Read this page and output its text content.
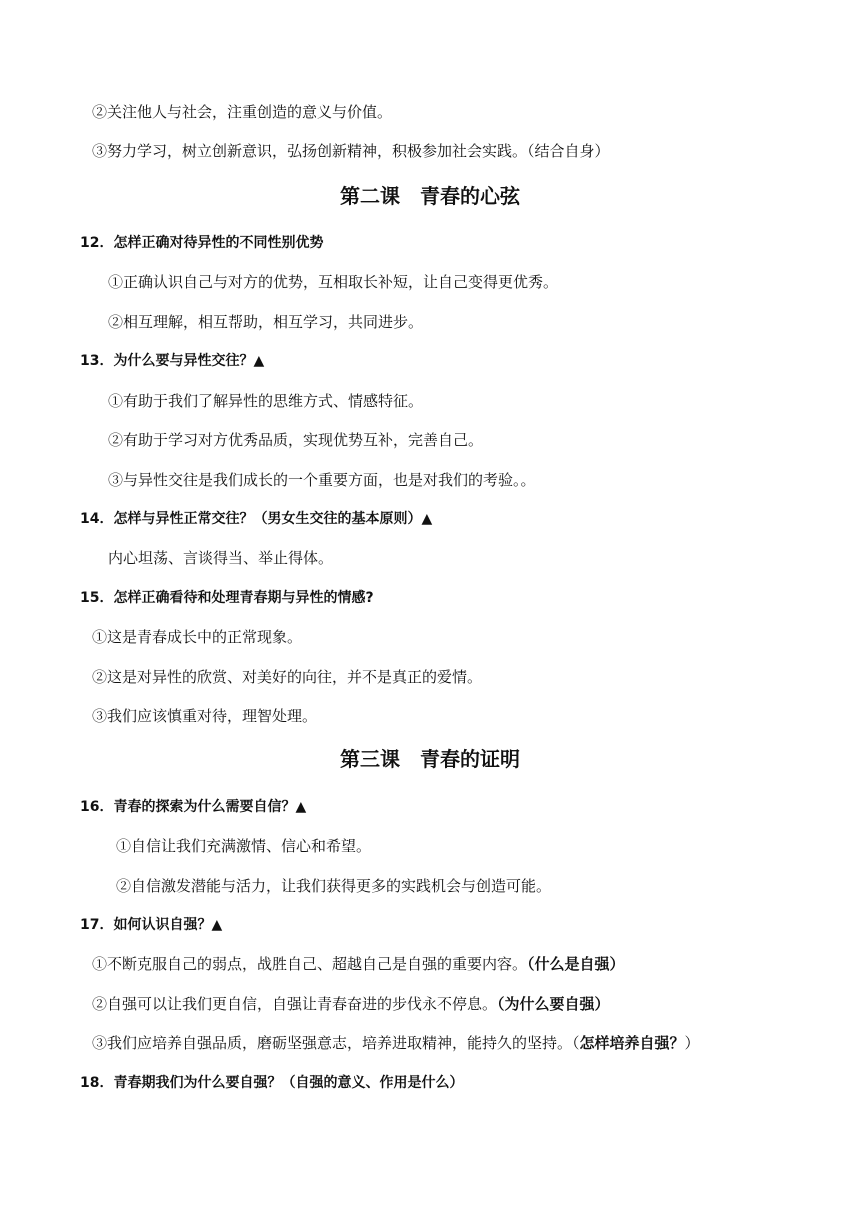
②关注他人与社会，注重创造的意义与价值。
③努力学习，树立创新意识，弘扬创新精神，积极参加社会实践。（结合自身）
第二课　青春的心弦
12．怎样正确对待异性的不同性别优势
①正确认识自己与对方的优势，互相取长补短，让自己变得更优秀。
②相互理解，相互帮助，相互学习，共同进步。
13．为什么要与异性交往？▲
①有助于我们了解异性的思维方式、情感特征。
②有助于学习对方优秀品质，实现优势互补，完善自己。
③与异性交往是我们成长的一个重要方面，也是对我们的考验。。
14．怎样与异性正常交往？（男女生交往的基本原则）▲
内心坦荡、言谈得当、举止得体。
15．怎样正确看待和处理青春期与异性的情感?
①这是青春成长中的正常现象。
②这是对异性的欣赏、对美好的向往，并不是真正的爱情。
③我们应该慎重对待，理智处理。
第三课　青春的证明
16．青春的探索为什么需要自信？▲
①自信让我们充满激情、信心和希望。
②自信激发潜能与活力，让我们获得更多的实践机会与创造可能。
17．如何认识自强？▲
①不断克服自己的弱点，战胜自己、超越自己是自强的重要内容。（什么是自强）
②自强可以让我们更自信，自强让青春奋进的步伐永不停息。（为什么要自强）
③我们应培养自强品质，磨砺坚强意志，培养进取精神，能持久的坚持。（怎样培养自强？）
18．青春期我们为什么要自强？（自强的意义、作用是什么）
